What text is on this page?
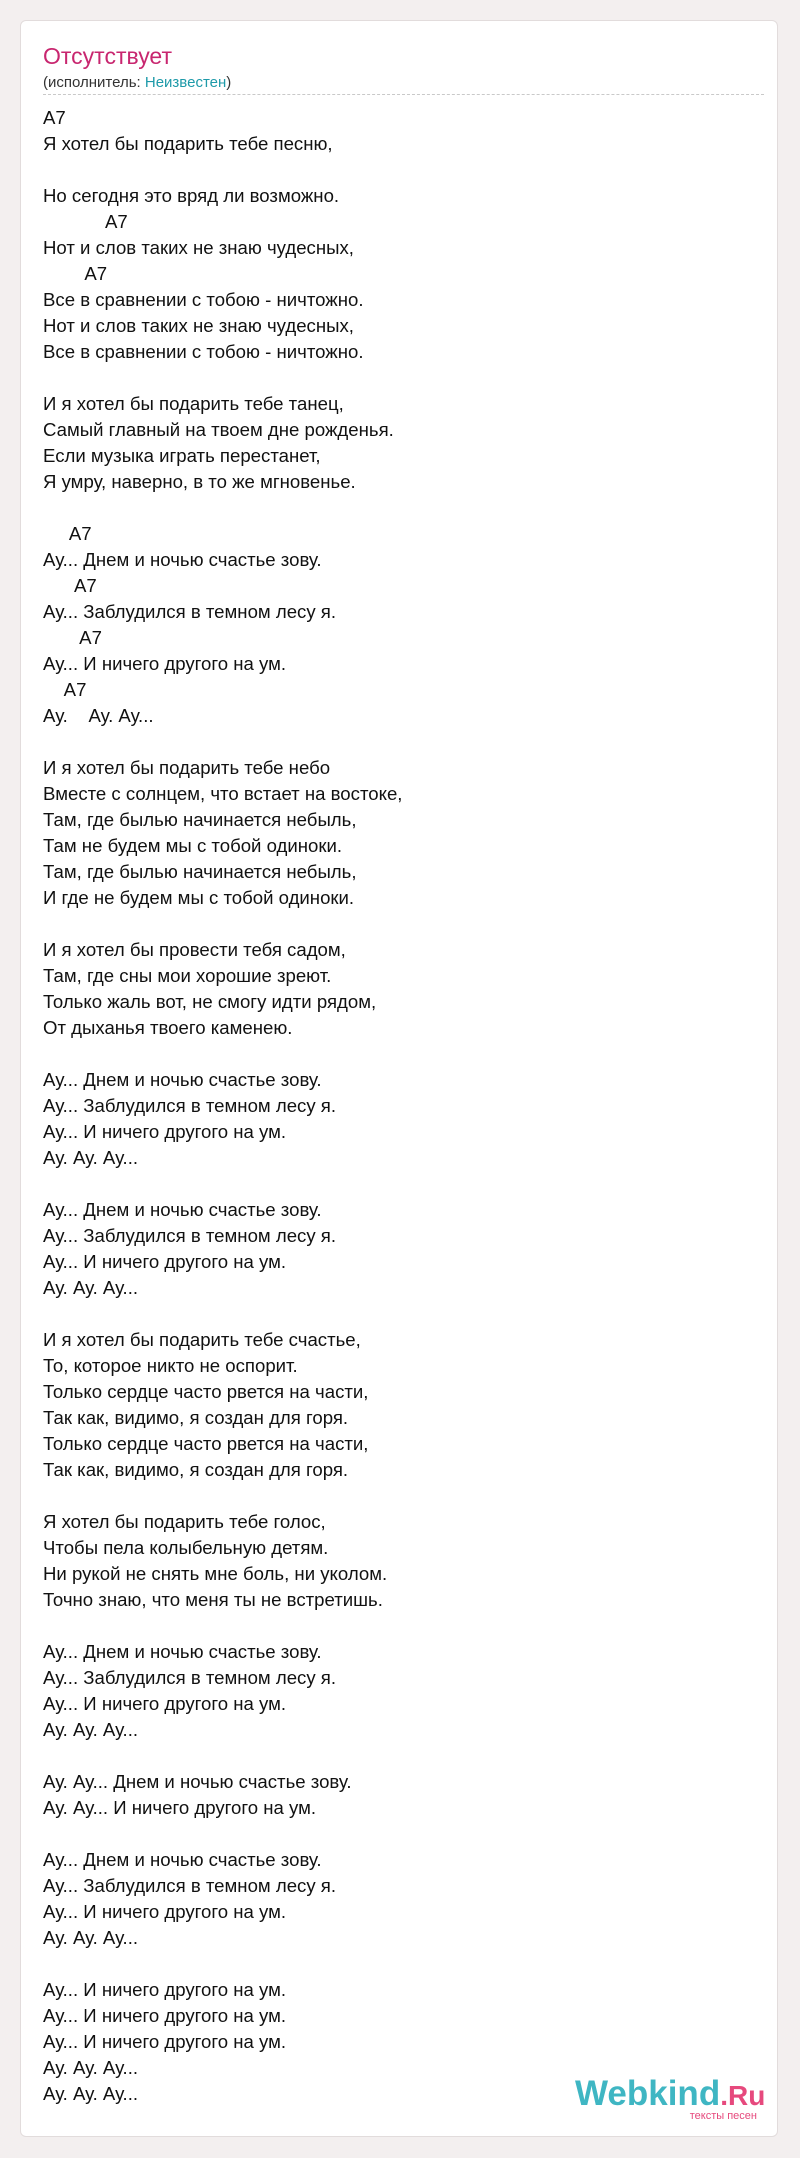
Отсутствует
(исполнитель: Неизвестен)
A7
Я хотел бы подарить тебе песню,

Но сегодня это вряд ли возможно.
A7
Нот и слов таких не знаю чудесных,
A7
Все в сравнении с тобою - ничтожно.
Нот и слов таких не знаю чудесных,
Все в сравнении с тобою - ничтожно.

И я хотел бы подарить тебе танец,
Самый главный на твоем дне рожденья.
Если музыка играть перестанет,
Я умру, наверно, в то же мгновенье.

A7
Ау... Днем и ночью счастье зову.
A7
Ау... Заблудился в темном лесу я.
A7
Ау... И ничего другого на ум.
A7
Ау.    Ау. Ау...

И я хотел бы подарить тебе небо
Вместе с солнцем, что встает на востоке,
Там, где былью начинается небыль,
Там не будем мы с тобой одиноки.
Там, где былью начинается небыль,
И где не будем мы с тобой одиноки.

И я хотел бы провести тебя садом,
Там, где сны мои хорошие зреют.
Только жаль вот, не смогу идти рядом,
От дыханья твоего каменею.

Ау... Днем и ночью счастье зову.
Ау... Заблудился в темном лесу я.
Ау... И ничего другого на ум.
Ау. Ау. Ау...

Ау... Днем и ночью счастье зову.
Ау... Заблудился в темном лесу я.
Ау... И ничего другого на ум.
Ау. Ау. Ау...

И я хотел бы подарить тебе счастье,
То, которое никто не оспорит.
Только сердце часто рвется на части,
Так как, видимо, я создан для горя.
Только сердце часто рвется на части,
Так как, видимо, я создан для горя.

Я хотел бы подарить тебе голос,
Чтобы пела колыбельную детям.
Ни рукой не снять мне боль, ни уколом.
Точно знаю, что меня ты не встретишь.

Ау... Днем и ночью счастье зову.
Ау... Заблудился в темном лесу я.
Ау... И ничего другого на ум.
Ау. Ау. Ау...

Ау. Ау... Днем и ночью счастье зову.
Ау. Ау... И ничего другого на ум.

Ау... Днем и ночью счастье зову.
Ау... Заблудился в темном лесу я.
Ау... И ничего другого на ум.
Ау. Ау. Ау...

Ау... И ничего другого на ум.
Ау... И ничего другого на ум.
Ау... И ничего другого на ум.
Ау. Ау. Ау...
Ау. Ау. Ау...	Webkind.Ru
тексты песен
